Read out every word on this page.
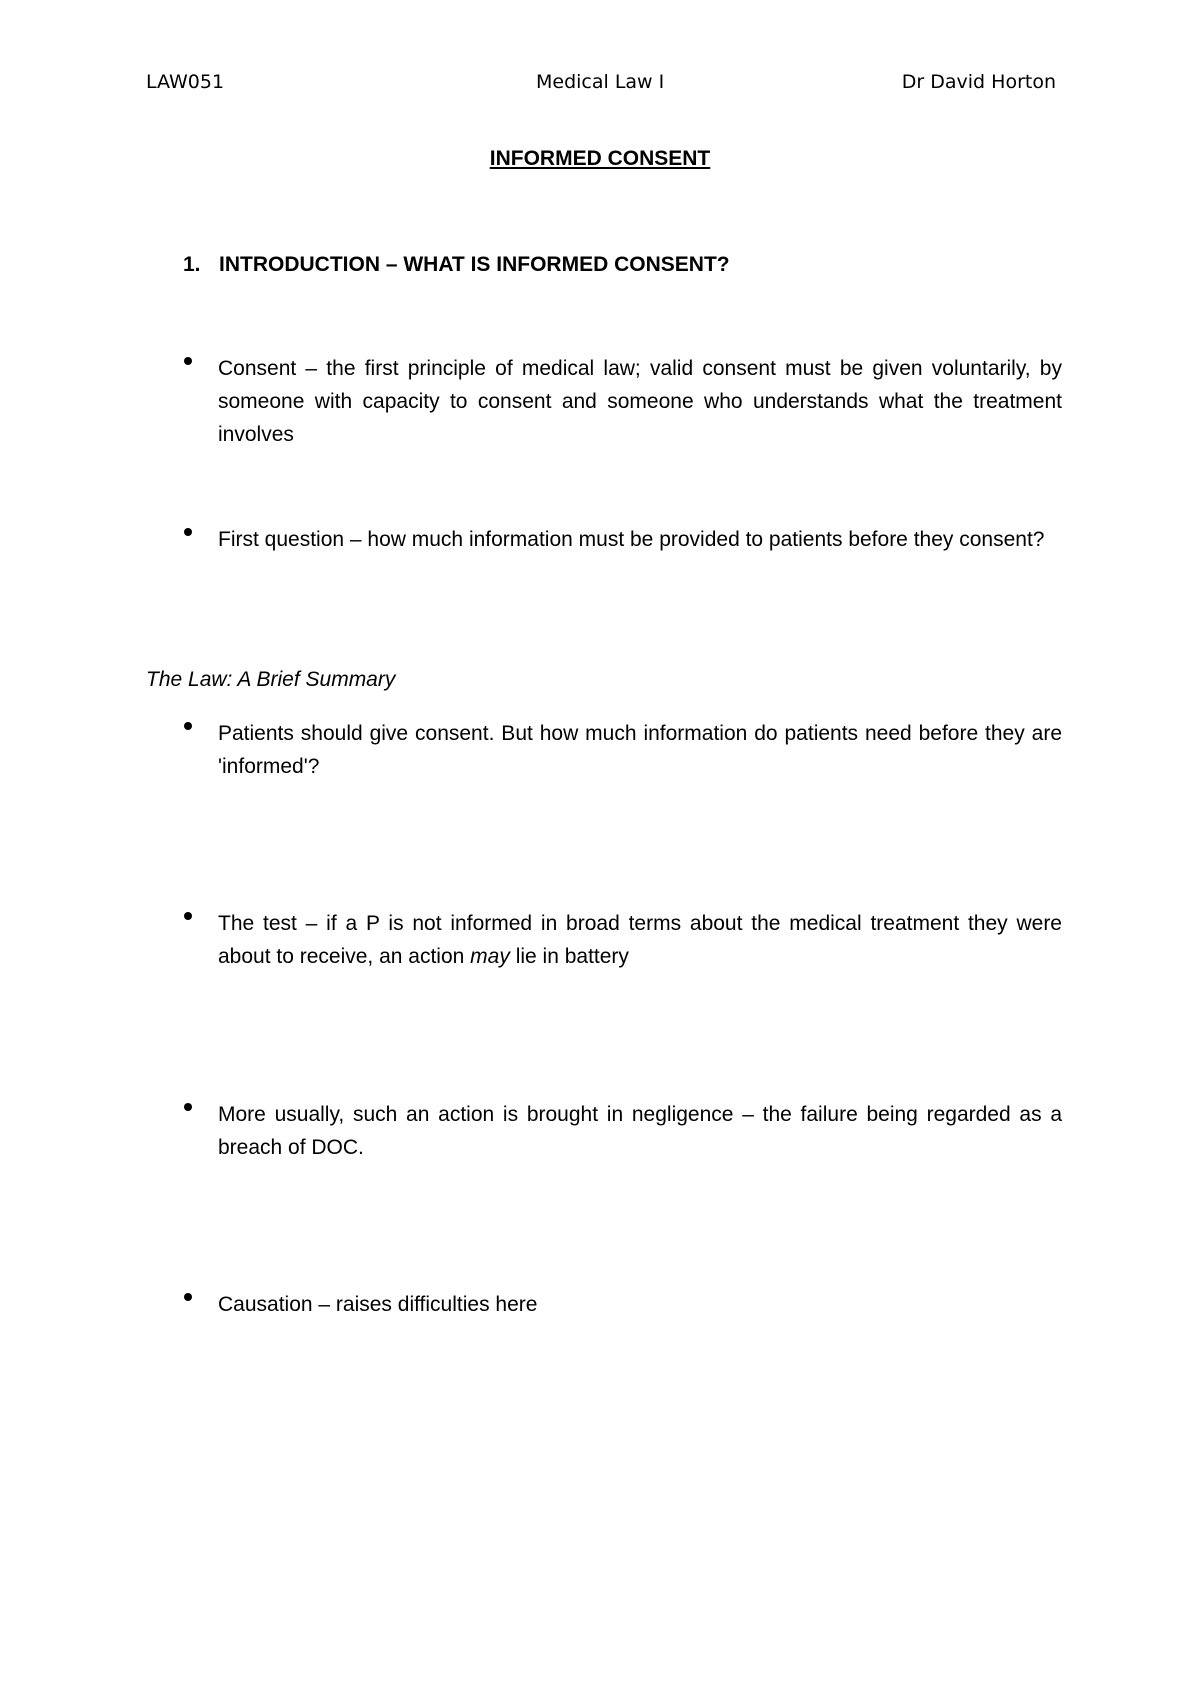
LAW051	Medical Law I	Dr David Horton
INFORMED CONSENT
1. INTRODUCTION – WHAT IS INFORMED CONSENT?
Consent – the first principle of medical law; valid consent must be given voluntarily, by someone with capacity to consent and someone who understands what the treatment involves
First question – how much information must be provided to patients before they consent?
The Law: A Brief Summary
Patients should give consent. But how much information do patients need before they are 'informed'?
The test – if a P is not informed in broad terms about the medical treatment they were about to receive, an action may lie in battery
More usually, such an action is brought in negligence – the failure being regarded as a breach of DOC.
Causation – raises difficulties here
